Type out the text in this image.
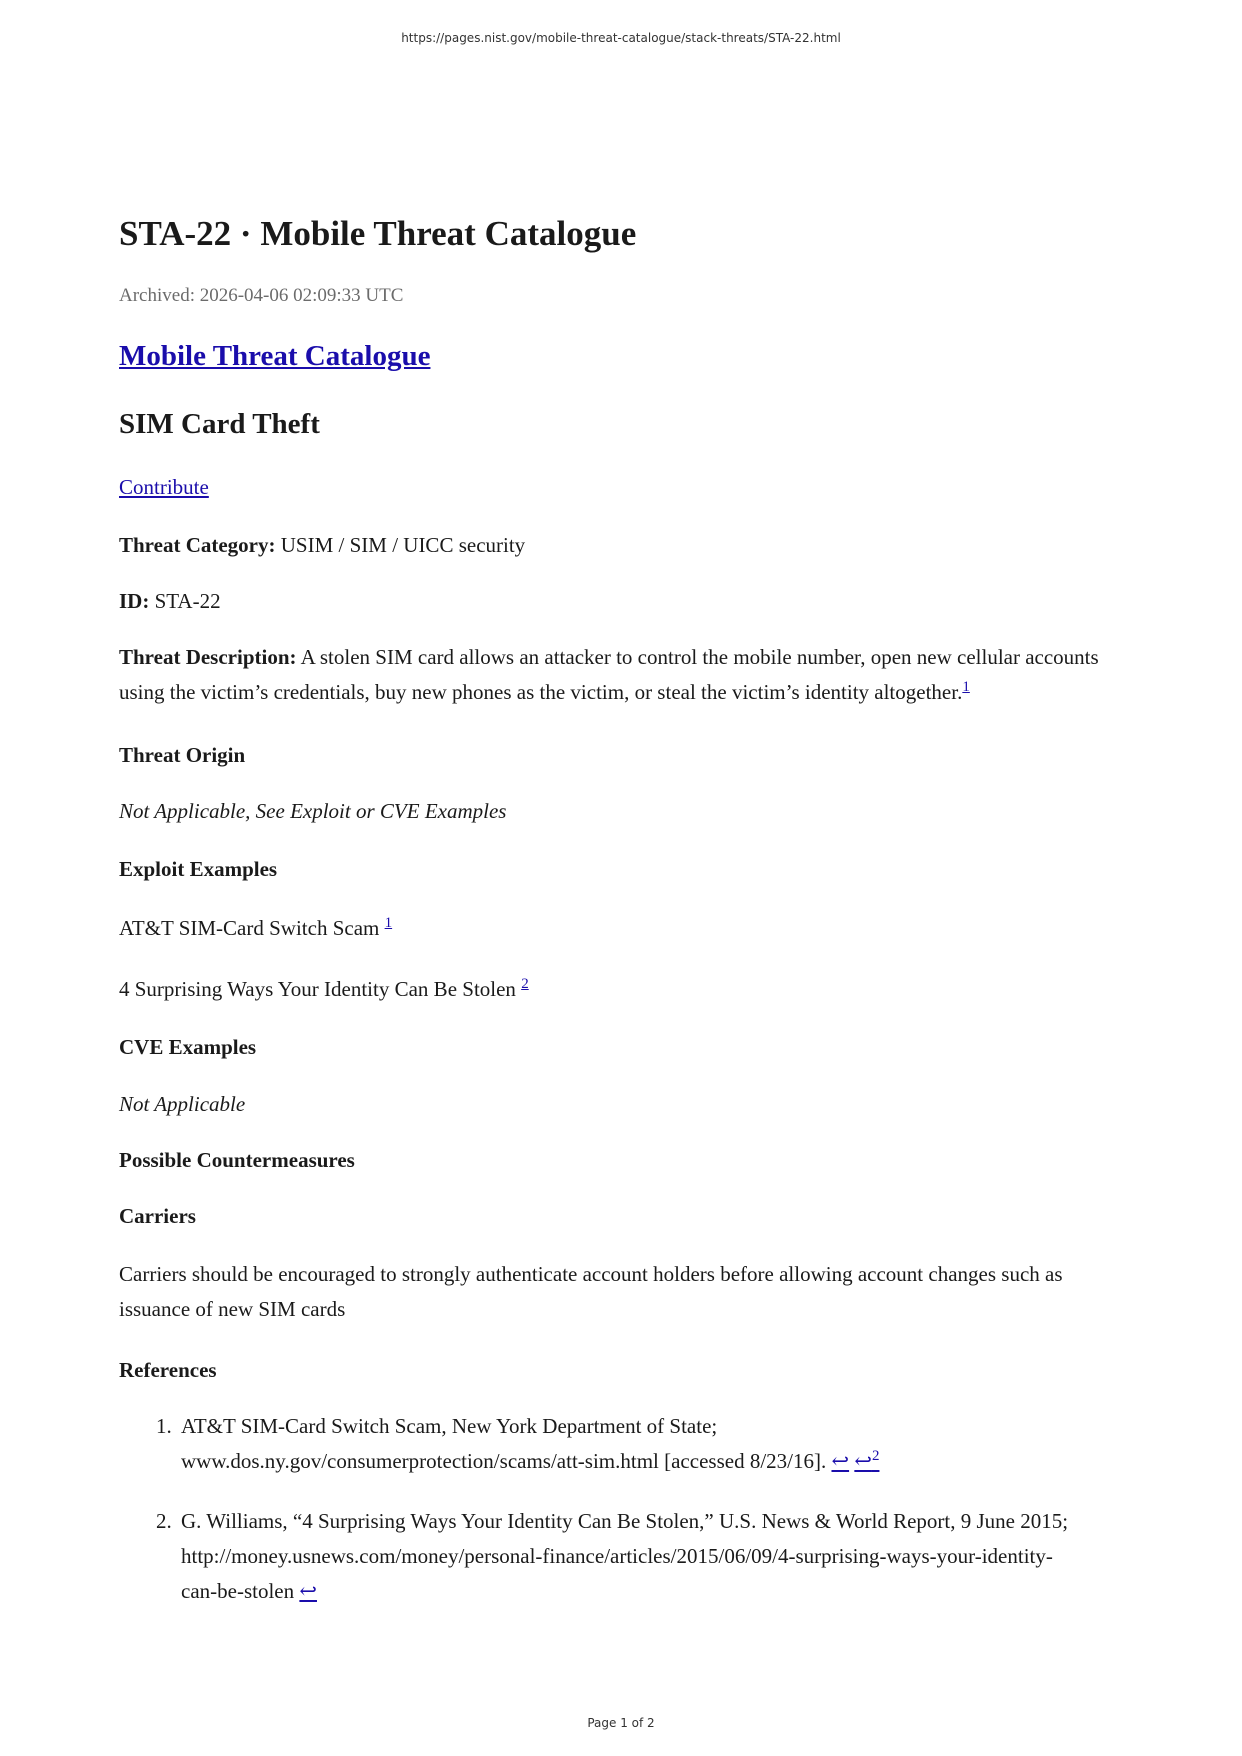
https://pages.nist.gov/mobile-threat-catalogue/stack-threats/STA-22.html
STA-22 · Mobile Threat Catalogue
Archived: 2026-04-06 02:09:33 UTC
Mobile Threat Catalogue
SIM Card Theft
Contribute
Threat Category: USIM / SIM / UICC security
ID: STA-22
Threat Description: A stolen SIM card allows an attacker to control the mobile number, open new cellular accounts using the victim’s credentials, buy new phones as the victim, or steal the victim’s identity altogether.$^1$
Threat Origin
Not Applicable, See Exploit or CVE Examples
Exploit Examples
AT&T SIM-Card Switch Scam $^1$
4 Surprising Ways Your Identity Can Be Stolen $^2$
CVE Examples
Not Applicable
Possible Countermeasures
Carriers
Carriers should be encouraged to strongly authenticate account holders before allowing account changes such as issuance of new SIM cards
References
1. AT&T SIM-Card Switch Scam, New York Department of State;
www.dos.ny.gov/consumerprotection/scams/att-sim.html [accessed 8/23/16]. ↩ ↩$^2$
2. G. Williams, “4 Surprising Ways Your Identity Can Be Stolen,” U.S. News & World Report, 9 June 2015;
http://money.usnews.com/money/personal-finance/articles/2015/06/09/4-surprising-ways-your-identity-
can-be-stolen ↩
Page 1 of 2
